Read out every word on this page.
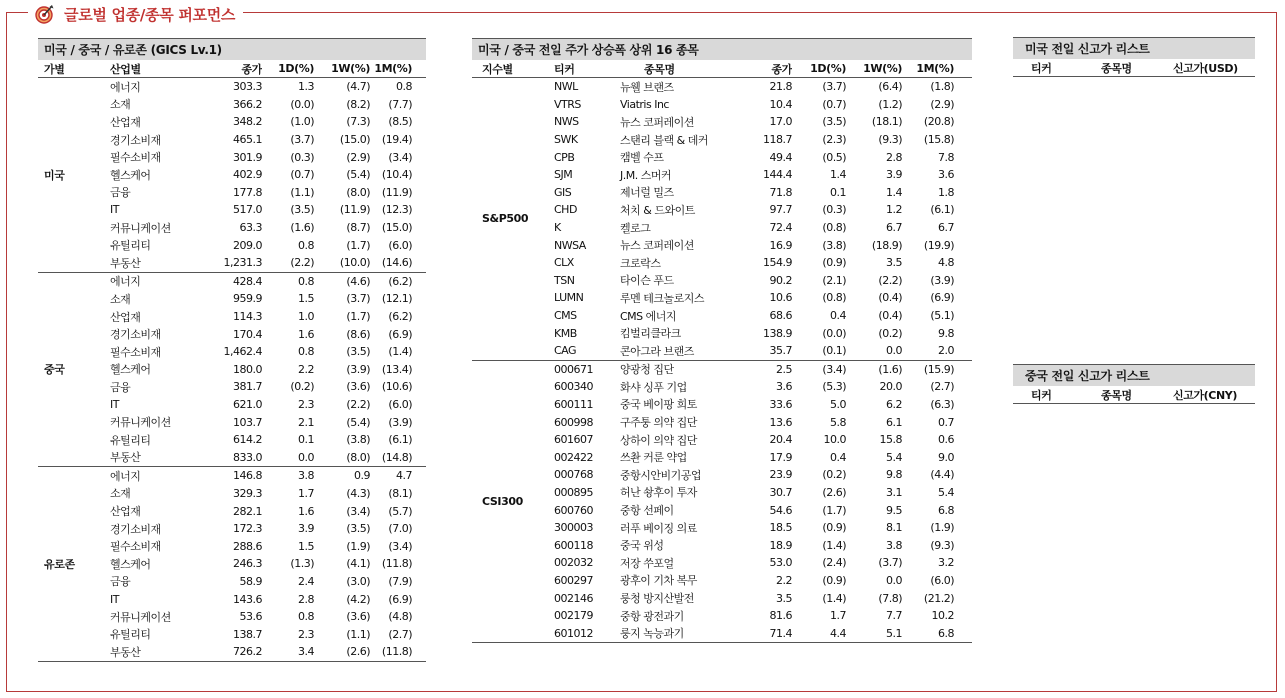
글로벌 업종/종목 퍼포먼스
미국 / 중국 / 유로존 (GICS Lv.1)
가별	산업별	종가	1D(%)	1W(%) 1M(%)
미국
에너지	303.3	1.3	(4.7)	0.8
소재	366.2	(0.0)	(8.2)	(7.7)
산업재	348.2	(1.0)	(7.3)	(8.5)
경기소비재	465.1	(3.7)	(15.0)	(19.4)
필수소비재	301.9	(0.3)	(2.9)	(3.4)
헬스케어	402.9	(0.7)	(5.4)	(10.4)
금융	177.8	(1.1)	(8.0)	(11.9)
IT	517.0	(3.5)	(11.9)	(12.3)
커뮤니케이션	63.3	(1.6)	(8.7)	(15.0)
유틸리티	209.0	0.8	(1.7)	(6.0)
부동산	1,231.3	(2.2)	(10.0)	(14.6)
중국
에너지	428.4	0.8	(4.6)	(6.2)
소재	959.9	1.5	(3.7)	(12.1)
산업재	114.3	1.0	(1.7)	(6.2)
경기소비재	170.4	1.6	(8.6)	(6.9)
필수소비재	1,462.4	0.8	(3.5)	(1.4)
헬스케어	180.0	2.2	(3.9)	(13.4)
금융	381.7	(0.2)	(3.6)	(10.6)
IT	621.0	2.3	(2.2)	(6.0)
커뮤니케이션	103.7	2.1	(5.4)	(3.9)
유틸리티	614.2	0.1	(3.8)	(6.1)
부동산	833.0	0.0	(8.0)	(14.8)
유로존
에너지	146.8	3.8	0.9	4.7
소재	329.3	1.7	(4.3)	(8.1)
산업재	282.1	1.6	(3.4)	(5.7)
경기소비재	172.3	3.9	(3.5)	(7.0)
필수소비재	288.6	1.5	(1.9)	(3.4)
헬스케어	246.3	(1.3)	(4.1)	(11.8)
금융	58.9	2.4	(3.0)	(7.9)
IT	143.6	2.8	(4.2)	(6.9)
커뮤니케이션	53.6	0.8	(3.6)	(4.8)
유틸리티	138.7	2.3	(1.1)	(2.7)
부동산	726.2	3.4	(2.6)	(11.8)
미국 / 중국 전일 주가 상승폭 상위 16 종목
지수별	티커	종목명	종가	1D(%)	1W(%)	1M(%)
S&P500
NWL	뉴웰 브랜즈	21.8	(3.7)	(6.4)	(1.8)
VTRS	Viatris Inc	10.4	(0.7)	(1.2)	(2.9)
NWS	뉴스 코퍼레이션	17.0	(3.5)	(18.1)	(20.8)
SWK	스탠리 블랙 & 데커	118.7	(2.3)	(9.3)	(15.8)
CPB	캠벨 수프	49.4	(0.5)	2.8	7.8
SJM	J.M. 스머커	144.4	1.4	3.9	3.6
GIS	제너럴 밀즈	71.8	0.1	1.4	1.8
CHD	처치 & 드와이트	97.7	(0.3)	1.2	(6.1)
K	켈로그	72.4	(0.8)	6.7	6.7
NWSA	뉴스 코퍼레이션	16.9	(3.8)	(18.9)	(19.9)
CLX	크로락스	154.9	(0.9)	3.5	4.8
TSN	타이슨 푸드	90.2	(2.1)	(2.2)	(3.9)
LUMN	루멘 테크놀로지스	10.6	(0.8)	(0.4)	(6.9)
CMS	CMS 에너지	68.6	0.4	(0.4)	(5.1)
KMB	킴벌리클라크	138.9	(0.0)	(0.2)	9.8
CAG	콘아그라 브랜즈	35.7	(0.1)	0.0	2.0
CSI300
000671	양광청 집단	2.5	(3.4)	(1.6)	(15.9)
600340	화샤 싱푸 기업	3.6	(5.3)	20.0	(2.7)
600111	중국 베이팡 희토	33.6	5.0	6.2	(6.3)
600998	구주퉁 의약 집단	13.6	5.8	6.1	0.7
601607	상하이 의약 집단	20.4	10.0	15.8	0.6
002422	쓰촨 커룬 약업	17.9	0.4	5.4	9.0
000768	중항시안비기공업	23.9	(0.2)	9.8	(4.4)
000895	허난 솽후이 투자	30.7	(2.6)	3.1	5.4
600760	중항 선페이	54.6	(1.7)	9.5	6.8
300003	러푸 베이징 의료	18.5	(0.9)	8.1	(1.9)
600118	중국 위성	18.9	(1.4)	3.8	(9.3)
002032	저장 쑤포얼	53.0	(2.4)	(3.7)	3.2
600297	광후이 기차 복무	2.2	(0.9)	0.0	(6.0)
002146	룽청 방지산발전	3.5	(1.4)	(7.8)	(21.2)
002179	중항 광전과기	81.6	1.7	7.7	10.2
601012	룽지 녹능과기	71.4	4.4	5.1	6.8
미국 전일 신고가 리스트
티커	종목명	신고가(USD)
중국 전일 신고가 리스트
티커	종목명	신고가(CNY)
